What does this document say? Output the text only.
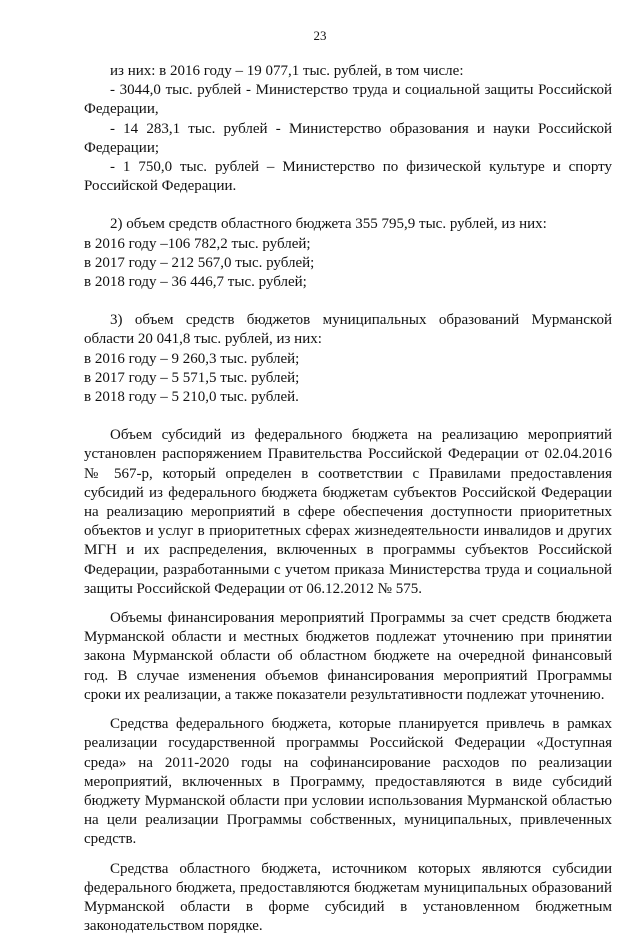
23

из них: в 2016 году – 19 077,1 тыс. рублей, в том числе:

- 3044,0 тыс. рублей - Министерство труда и социальной защиты Российской Федерации,

- 14 283,1 тыс. рублей - Министерство образования и науки Российской Федерации;

- 1 750,0 тыс. рублей – Министерство по физической культуре и спорту Российской Федерации.

2) объем средств областного бюджета 355 795,9 тыс. рублей, из них:

в 2016 году –106 782,2 тыс. рублей;

в 2017 году – 212 567,0 тыс. рублей;

в 2018 году – 36 446,7 тыс. рублей;

3) объем средств бюджетов муниципальных образований Мурманской области 20 041,8 тыс. рублей, из них:

в 2016 году – 9 260,3 тыс. рублей;

в 2017 году – 5 571,5 тыс. рублей;

в 2018 году – 5 210,0 тыс. рублей.

Объем субсидий из федерального бюджета на реализацию мероприятий установлен распоряжением Правительства Российской Федерации от 02.04.2016 № 567-р, который определен в соответствии с Правилами предоставления субсидий из федерального бюджета бюджетам субъектов Российской Федерации на реализацию мероприятий в сфере обеспечения доступности приоритетных объектов и услуг в приоритетных сферах жизнедеятельности инвалидов и других МГН и их распределения, включенных в программы субъектов Российской Федерации, разработанными с учетом приказа Министерства труда и социальной защиты Российской Федерации от 06.12.2012 № 575.

Объемы финансирования мероприятий Программы за счет средств бюджета Мурманской области и местных бюджетов подлежат уточнению при принятии закона Мурманской области об областном бюджете на очередной финансовый год. В случае изменения объемов финансирования мероприятий Программы сроки их реализации, а также показатели результативности подлежат уточнению.

Средства федерального бюджета, которые планируется привлечь в рамках реализации государственной программы Российской Федерации «Доступная среда» на 2011-2020 годы на софинансирование расходов по реализации мероприятий, включенных в Программу, предоставляются в виде субсидий бюджету Мурманской области при условии использования Мурманской областью на цели реализации Программы собственных, муниципальных, привлеченных средств.

Средства областного бюджета, источником которых являются субсидии федерального бюджета, предоставляются бюджетам муниципальных образований Мурманской области в форме субсидий в установленном бюджетным законодательством порядке.
